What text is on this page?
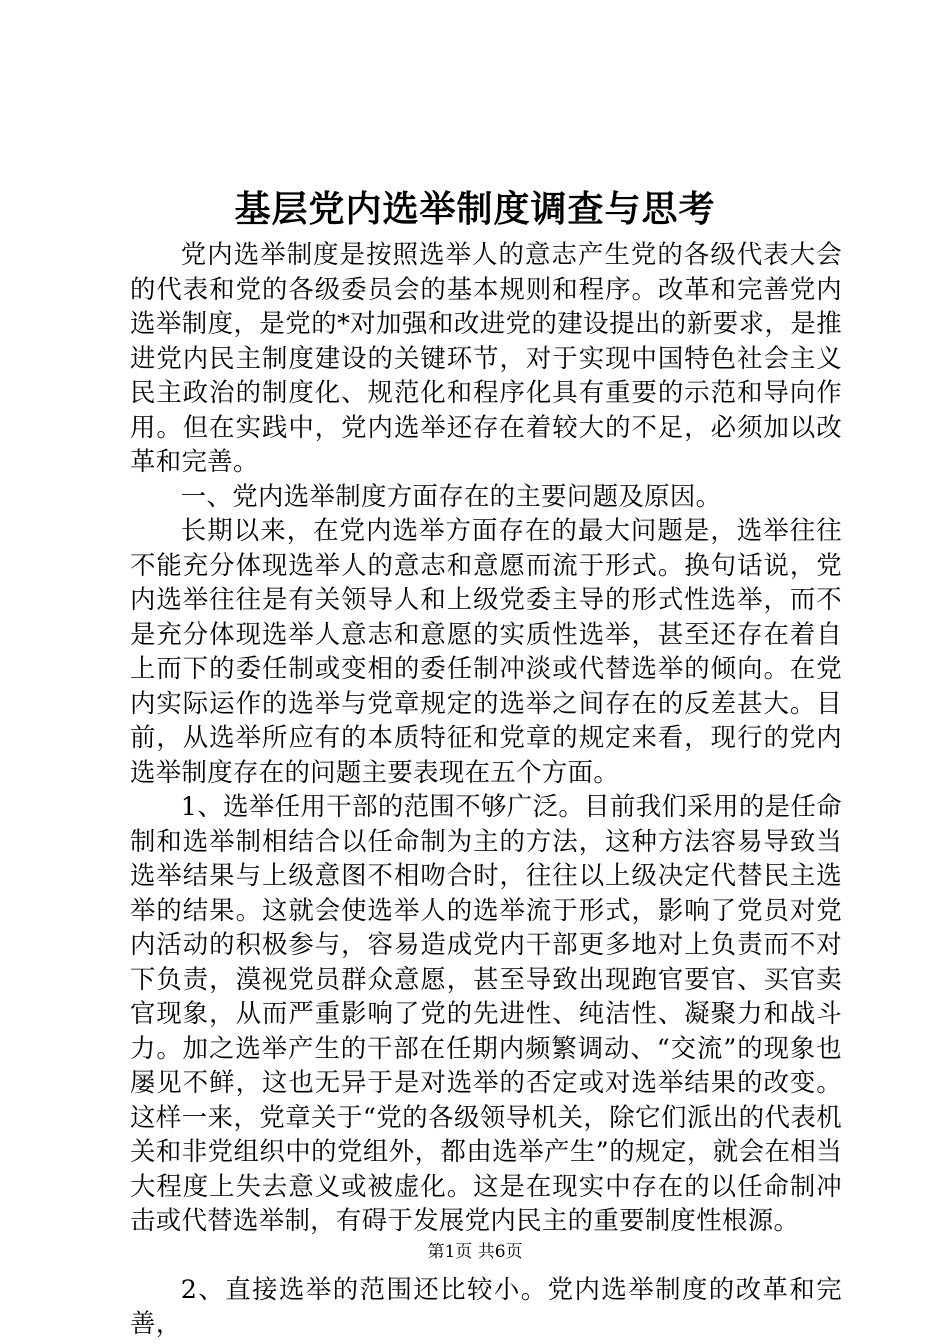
基层党内选举制度调查与思考

党内选举制度是按照选举人的意志产生党的各级代表大会的代表和党的各级委员会的基本规则和程序。改革和完善党内选举制度，是党的*对加强和改进党的建设提出的新要求，是推进党内民主制度建设的关键环节，对于实现中国特色社会主义民主政治的制度化、规范化和程序化具有重要的示范和导向作用。但在实践中，党内选举还存在着较大的不足，必须加以改革和完善。

一、党内选举制度方面存在的主要问题及原因。

长期以来，在党内选举方面存在的最大问题是，选举往往不能充分体现选举人的意志和意愿而流于形式。换句话说，党内选举往往是有关领导人和上级党委主导的形式性选举，而不是充分体现选举人意志和意愿的实质性选举，甚至还存在着自上而下的委任制或变相的委任制冲淡或代替选举的倾向。在党内实际运作的选举与党章规定的选举之间存在的反差甚大。目前，从选举所应有的本质特征和党章的规定来看，现行的党内选举制度存在的问题主要表现在五个方面。

1、选举任用干部的范围不够广泛。目前我们采用的是任命制和选举制相结合以任命制为主的方法，这种方法容易导致当选举结果与上级意图不相吻合时，往往以上级决定代替民主选举的结果。这就会使选举人的选举流于形式，影响了党员对党内活动的积极参与，容易造成党内干部更多地对上负责而不对下负责，漠视党员群众意愿，甚至导致出现跑官要官、买官卖官现象，从而严重影响了党的先进性、纯洁性、凝聚力和战斗力。加之选举产生的干部在任期内频繁调动、“交流”的现象也屡见不鲜，这也无异于是对选举的否定或对选举结果的改变。这样一来，党章关于“党的各级领导机关，除它们派出的代表机关和非党组织中的党组外，都由选举产生”的规定，就会在相当大程度上失去意义或被虚化。这是在现实中存在的以任命制冲击或代替选举制，有碍于发展党内民主的重要制度性根源。

2、直接选举的范围还比较小。党内选举制度的改革和完善，

第1页 共6页
